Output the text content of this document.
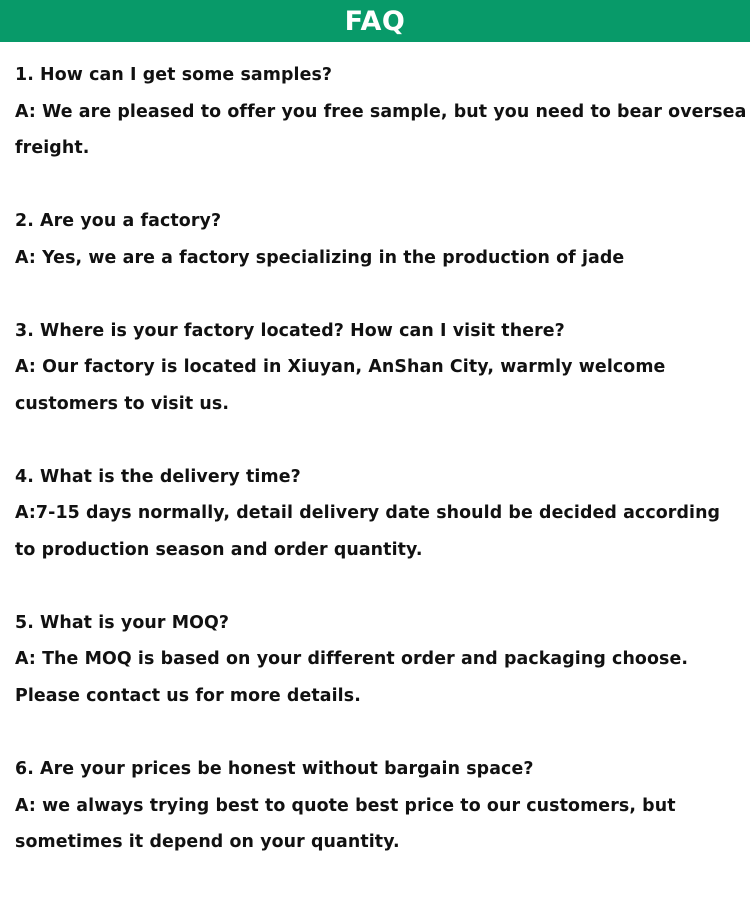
FAQ
1. How can I get some samples?
A: We are pleased to offer you free sample, but you need to bear oversea
freight.
2. Are you a factory?
A: Yes, we are a factory specializing in the production of jade
3. Where is your factory located? How can I visit there?
A: Our factory is located in Xiuyan, AnShan City, warmly welcome
customers to visit us.
4. What is the delivery time?
A:7-15 days normally, detail delivery date should be decided according
to production season and order quantity.
5. What is your MOQ?
A: The MOQ is based on your different order and packaging choose.
Please contact us for more details.
6. Are your prices be honest without bargain space?
A: we always trying best to quote best price to our customers, but
sometimes it depend on your quantity.
